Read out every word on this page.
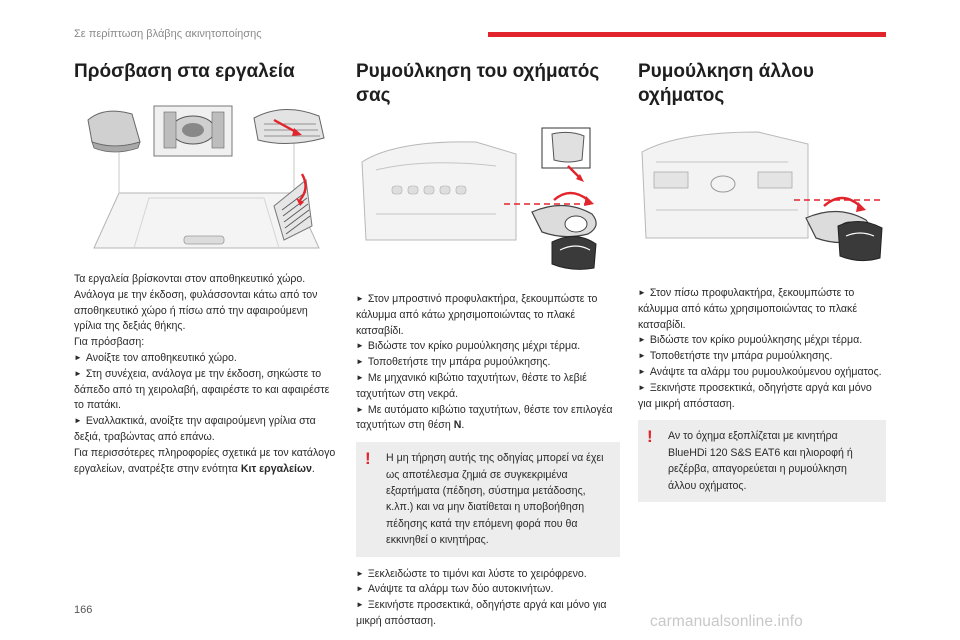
Σε περίπτωση βλάβης ακινητοποίησης
Πρόσβαση στα εργαλεία

Τα εργαλεία βρίσκονται στον αποθηκευτικό χώρο.

Ανάλογα με την έκδοση, φυλάσσονται κάτω από τον αποθηκευτικό χώρο ή πίσω από την αφαιρούμενη γρίλια της δεξιάς θήκης.

Για πρόσβαση:

► Ανοίξτε τον αποθηκευτικό χώρο.

► Στη συνέχεια, ανάλογα με την έκδοση, σηκώστε το δάπεδο από τη χειρολαβή, αφαιρέστε το και αφαιρέστε το πατάκι.

► Εναλλακτικά, ανοίξτε την αφαιρούμενη γρίλια στα δεξιά, τραβώντας από επάνω.

Για περισσότερες πληροφορίες σχετικά με τον κατάλογο εργαλείων, ανατρέξτε στην ενότητα Κιτ εργαλείων.

Ρυμούλκηση του οχήματός σας

► Στον μπροστινό προφυλακτήρα, ξεκουμπώστε το κάλυμμα από κάτω χρησιμοποιώντας το πλακέ κατσαβίδι.

► Βιδώστε τον κρίκο ρυμούλκησης μέχρι τέρμα.

► Τοποθετήστε την μπάρα ρυμούλκησης.

► Με μηχανικό κιβώτιο ταχυτήτων, θέστε το λεβιέ ταχυτήτων στη νεκρά.

► Με αυτόματο κιβώτιο ταχυτήτων, θέστε τον επιλογέα ταχυτήτων στη θέση N.

! Η μη τήρηση αυτής της οδηγίας μπορεί να έχει ως αποτέλεσμα ζημιά σε συγκεκριμένα εξαρτήματα (πέδηση, σύστημα μετάδοσης, κ.λπ.) και να μην διατίθεται η υποβοήθηση πέδησης κατά την επόμενη φορά που θα εκκινηθεί ο κινητήρας.

► Ξεκλειδώστε το τιμόνι και λύστε το χειρόφρενο.

► Ανάψτε τα αλάρμ των δύο αυτοκινήτων.

► Ξεκινήστε προσεκτικά, οδηγήστε αργά και μόνο για μικρή απόσταση.

Ρυμούλκηση άλλου οχήματος

► Στον πίσω προφυλακτήρα, ξεκουμπώστε το κάλυμμα από κάτω χρησιμοποιώντας το πλακέ κατσαβίδι.

► Βιδώστε τον κρίκο ρυμούλκησης μέχρι τέρμα.

► Τοποθετήστε την μπάρα ρυμούλκησης.

► Ανάψτε τα αλάρμ του ρυμουλκούμενου οχήματος.

► Ξεκινήστε προσεκτικά, οδηγήστε αργά και μόνο για μικρή απόσταση.

! Αν το όχημα εξοπλίζεται με κινητήρα BlueHDi 120 S&S EAT6 και ηλιοροφή ή ρεζέρβα, απαγορεύεται η ρυμούλκηση άλλου οχήματος.
166
carmanualsonline.info
